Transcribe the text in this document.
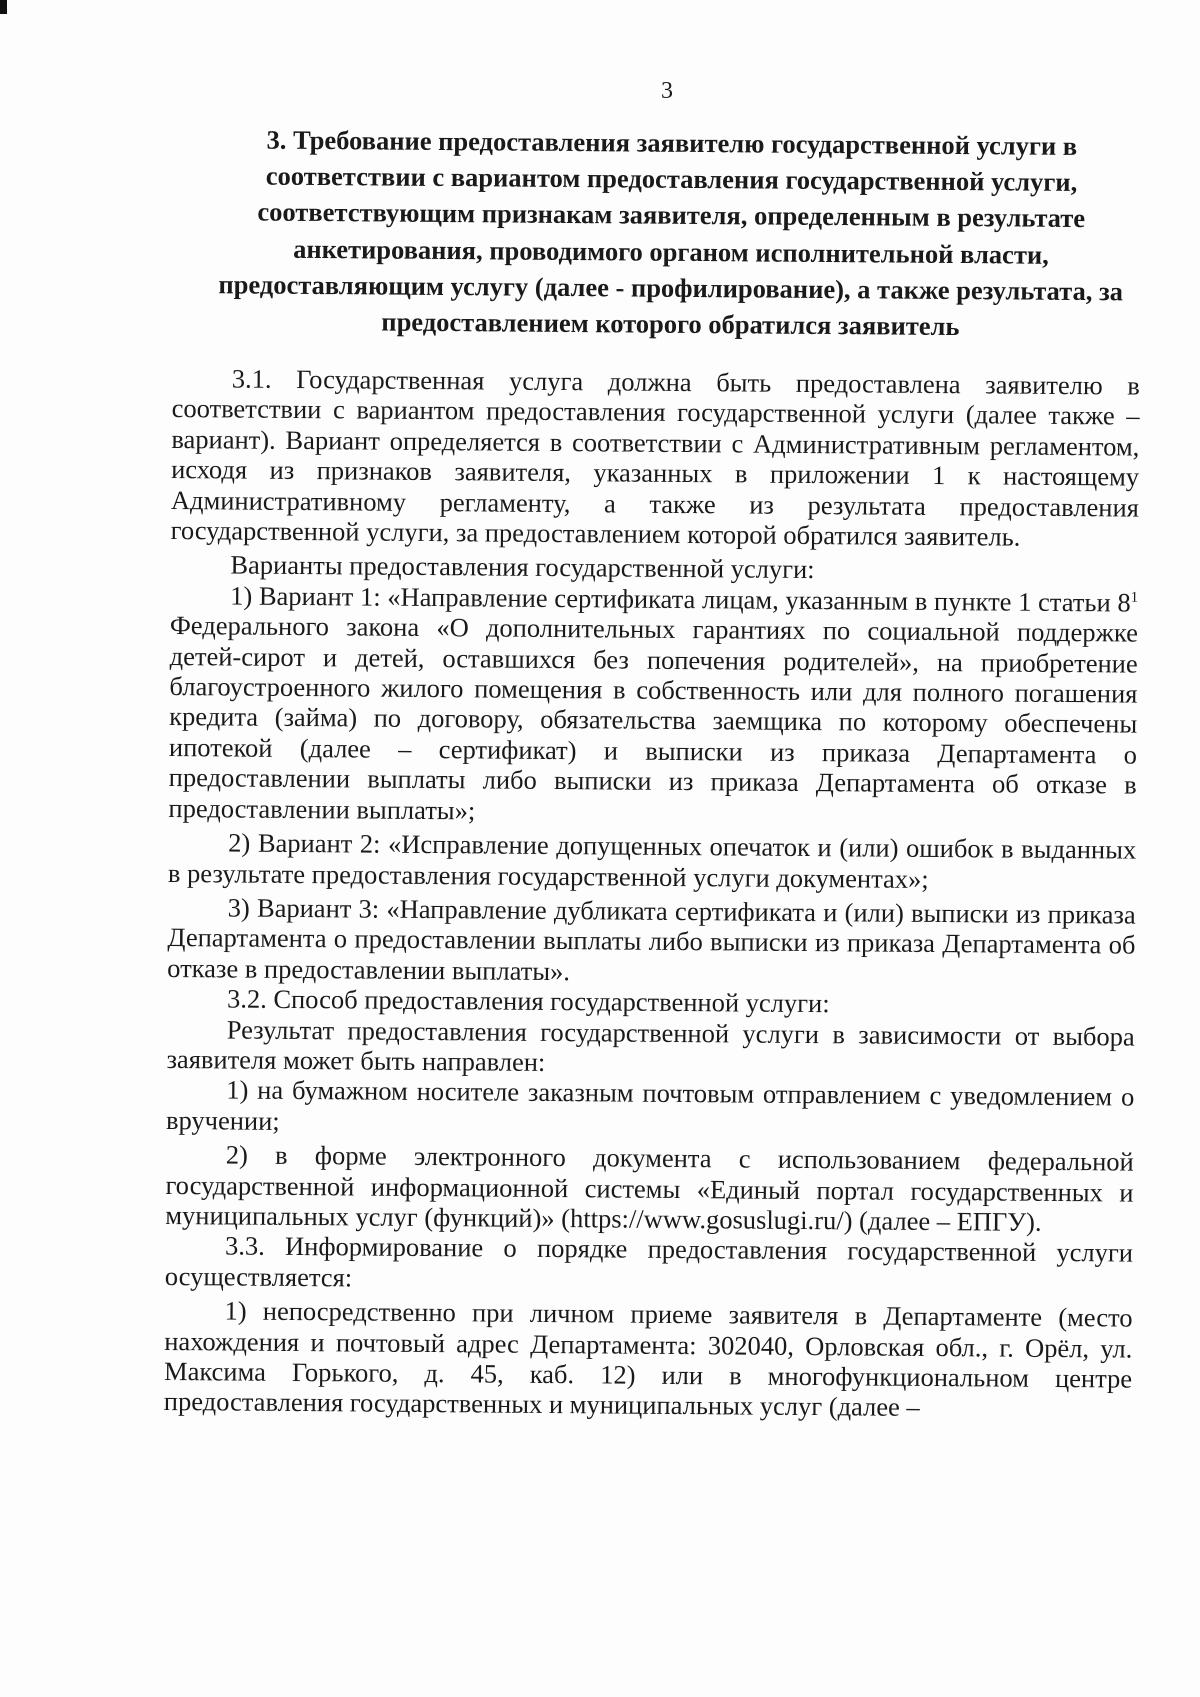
3
3. Требование предоставления заявителю государственной услуги в соответствии с вариантом предоставления государственной услуги, соответствующим признакам заявителя, определенным в результате анкетирования, проводимого органом исполнительной власти, предоставляющим услугу (далее - профилирование), а также результата, за предоставлением которого обратился заявитель

3.1. Государственная услуга должна быть предоставлена заявителю в соответствии с вариантом предоставления государственной услуги (далее также – вариант). Вариант определяется в соответствии с Административным регламентом, исходя из признаков заявителя, указанных в приложении 1 к настоящему Административному регламенту, а также из результата предоставления государственной услуги, за предоставлением которой обратился заявитель.

Варианты предоставления государственной услуги:

1) Вариант 1: «Направление сертификата лицам, указанным в пункте 1 статьи $8^1$ Федерального закона «О дополнительных гарантиях по социальной поддержке детей-сирот и детей, оставшихся без попечения родителей», на приобретение благоустроенного жилого помещения в собственность или для полного погашения кредита (займа) по договору, обязательства заемщика по которому обеспечены ипотекой (далее – сертификат) и выписки из приказа Департамента о предоставлении выплаты либо выписки из приказа Департамента об отказе в предоставлении выплаты»;

2) Вариант 2: «Исправление допущенных опечаток и (или) ошибок в выданных в результате предоставления государственной услуги документах»;

3) Вариант 3: «Направление дубликата сертификата и (или) выписки из приказа Департамента о предоставлении выплаты либо выписки из приказа Департамента об отказе в предоставлении выплаты».

3.2. Способ предоставления государственной услуги:

Результат предоставления государственной услуги в зависимости от выбора заявителя может быть направлен:

1) на бумажном носителе заказным почтовым отправлением с уведомлением о вручении;

2) в форме электронного документа с использованием федеральной государственной информационной системы «Единый портал государственных и муниципальных услуг (функций)» (https://www.gosuslugi.ru/) (далее – ЕПГУ).

3.3. Информирование о порядке предоставления государственной услуги осуществляется:

1) непосредственно при личном приеме заявителя в Департаменте (место нахождения и почтовый адрес Департамента: 302040, Орловская обл., г. Орёл, ул. Максима Горького, д. 45, каб. 12) или в многофункциональном центре предоставления государственных и муниципальных услуг (далее –
